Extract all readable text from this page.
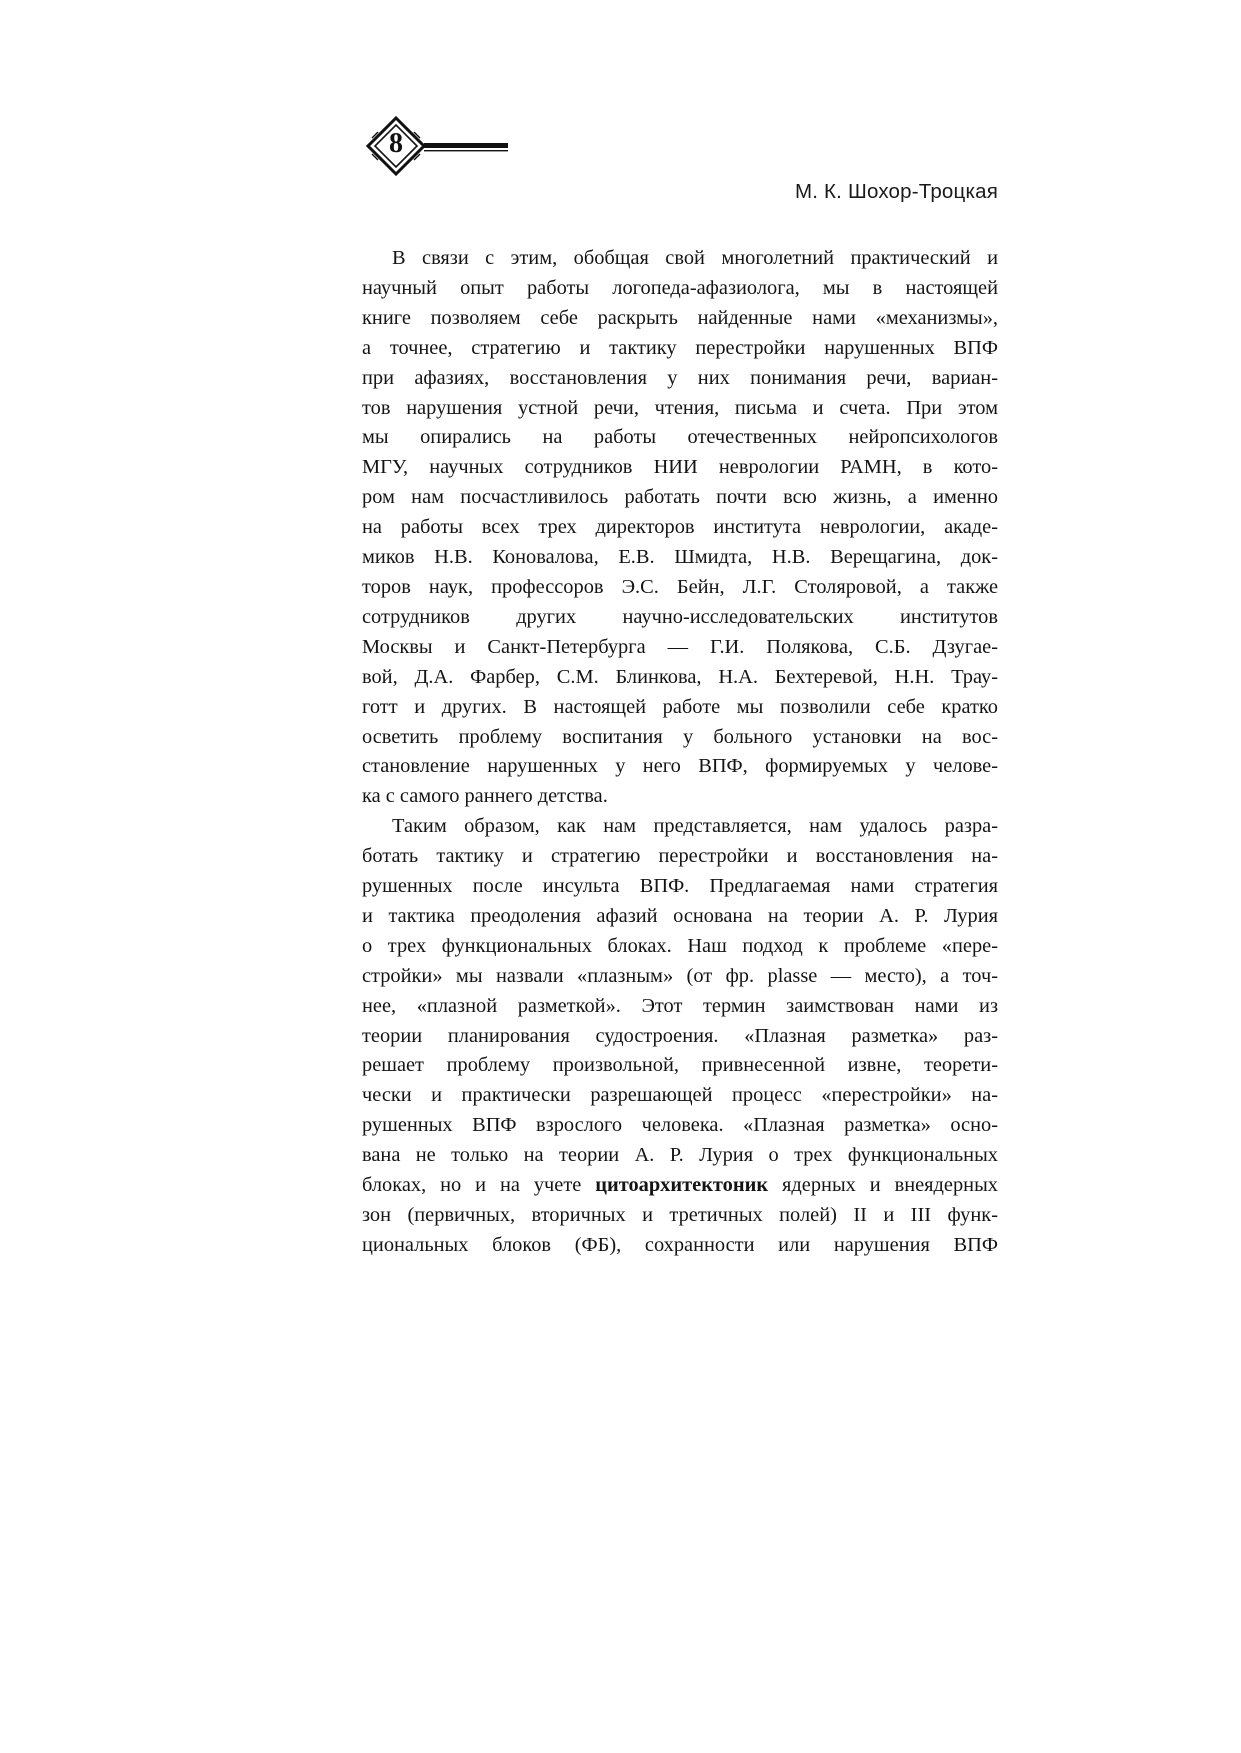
8
М. К. Шохор-Троцкая
В связи с этим, обобщая свой многолетний практический и
научный опыт работы логопеда-афазиолога, мы в настоящей
книге позволяем себе раскрыть найденные нами «механизмы»,
а точнее, стратегию и тактику перестройки нарушенных ВПФ
при афазиях, восстановления у них понимания речи, вариан-
тов нарушения устной речи, чтения, письма и счета. При этом
мы опирались на работы отечественных нейропсихологов
МГУ, научных сотрудников НИИ неврологии РАМН, в кото-
ром нам посчастливилось работать почти всю жизнь, а именно
на работы всех трех директоров института неврологии, акаде-
миков Н.В. Коновалова, Е.В. Шмидта, Н.В. Верещагина, док-
торов наук, профессоров Э.С. Бейн, Л.Г. Столяровой, а также
сотрудников других научно-исследовательских институтов
Москвы и Санкт-Петербурга — Г.И. Полякова, С.Б. Дзугае-
вой, Д.А. Фарбер, С.М. Блинкова, Н.А. Бехтеревой, Н.Н. Трау-
готт и других. В настоящей работе мы позволили себе кратко
осветить проблему воспитания у больного установки на вос-
становление нарушенных у него ВПФ, формируемых у челове-
ка с самого раннего детства.
Таким образом, как нам представляется, нам удалось разра-
ботать тактику и стратегию перестройки и восстановления на-
рушенных после инсульта ВПФ. Предлагаемая нами стратегия
и тактика преодоления афазий основана на теории А. Р. Лурия
о трех функциональных блоках. Наш подход к проблеме «пере-
стройки» мы назвали «плазным» (от фр. plasse — место), а точ-
нее, «плазной разметкой». Этот термин заимствован нами из
теории планирования судостроения. «Плазная разметка» раз-
решает проблему произвольной, привнесенной извне, теорети-
чески и практически разрешающей процесс «перестройки» на-
рушенных ВПФ взрослого человека. «Плазная разметка» осно-
вана не только на теории А. Р. Лурия о трех функциональных
блоках, но и на учете цитоархитектоник ядерных и внеядерных
зон (первичных, вторичных и третичных полей) II и III функ-
циональных блоков (ФБ), сохранности или нарушения ВПФ
